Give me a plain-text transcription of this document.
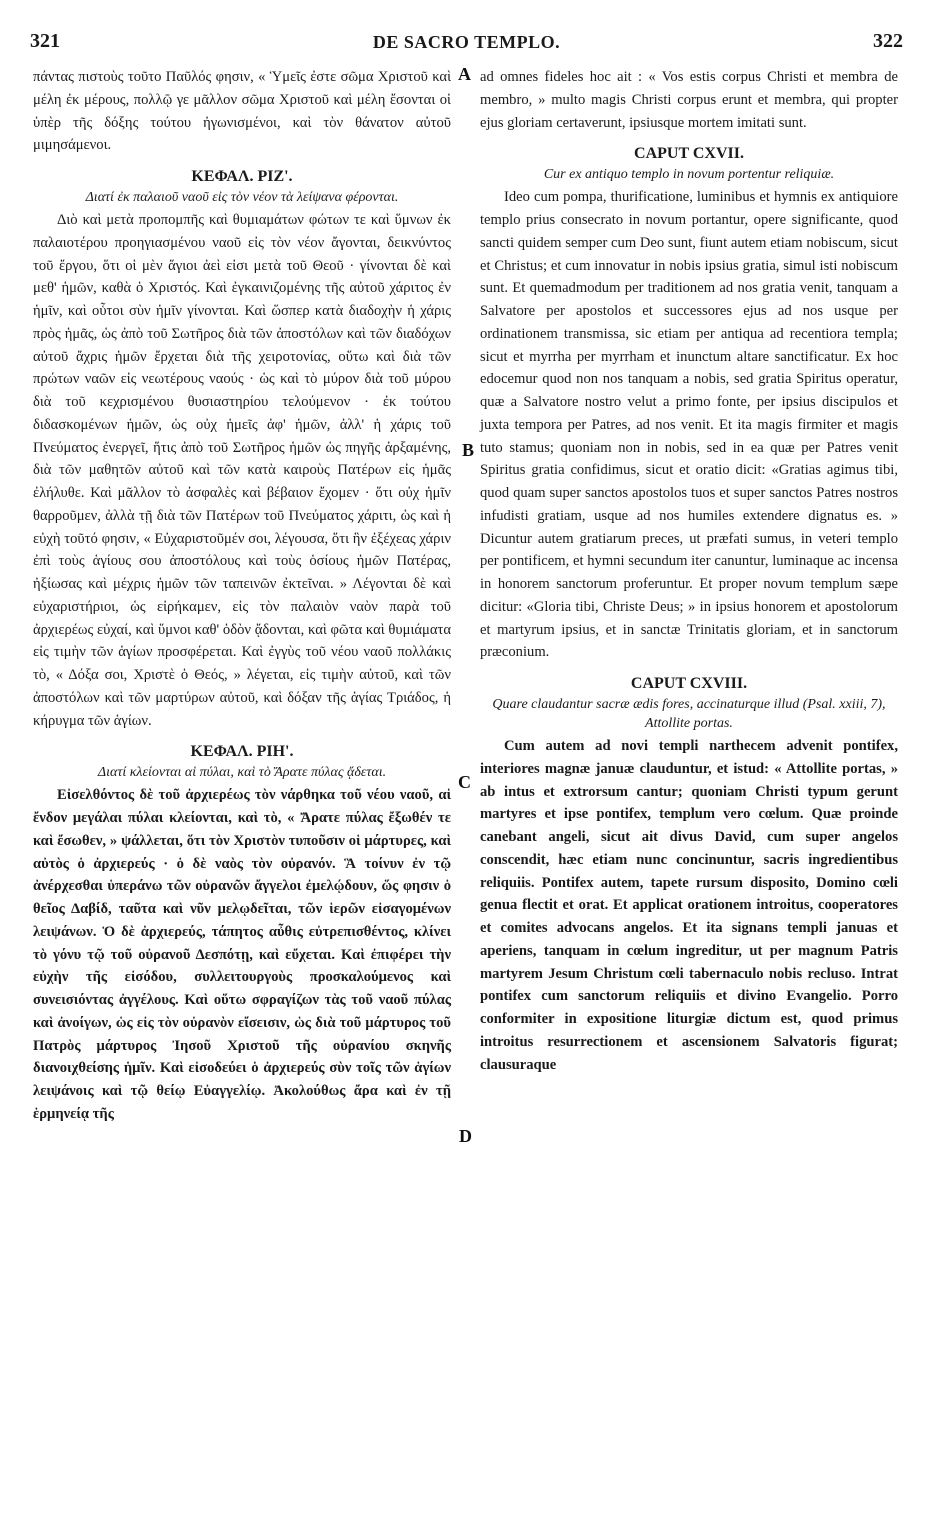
321	DE SACRO TEMPLO.	322

πάντας πιστοὺς τοῦτο Παῦλός φησιν, « Ὑμεῖς ἐστε σῶμα Χριστοῦ καὶ μέλη ἐκ μέρους, πολλῷ γε μᾶλλον σῶμα Χριστοῦ καὶ μέλη ἔσονται οἱ ὑπὲρ τῆς δόξης τούτου ἠγωνισμένοι, καὶ τὸν θάνατον αὐτοῦ μιμησάμενοι.

ΚΕΦΑΛ. ΡΙΖ'.
Διατί ἐκ παλαιοῦ ναοῦ εἰς τὸν νέον τὰ λείψανα φέρονται.

Διὸ καὶ μετὰ προπομπῆς καὶ θυμιαμάτων φώτων τε καὶ ὕμνων ἐκ παλαιοτέρου προηγιασμένου ναοῦ εἰς τὸν νέον ἄγονται, δεικνύντος τοῦ ἔργου, ὅτι οἱ μὲν ἅγιοι ἀεὶ εἰσι μετὰ τοῦ Θεοῦ · γίνονται δὲ καὶ μεθ' ἡμῶν, καθὰ ὁ Χριστός. Καὶ ἐγκαινιζομένης τῆς αὐτοῦ χάριτος ἐν ἡμῖν, καὶ οὗτοι σὺν ἡμῖν γίνονται. Καὶ ὥσπερ κατὰ διαδοχὴν ἡ χάρις πρὸς ἡμᾶς, ὡς ἀπὸ τοῦ Σωτῆρος διὰ τῶν ἀποστόλων καὶ τῶν διαδόχων αὐτοῦ ἄχρις ἡμῶν ἔρχεται διὰ τῆς χειροτονίας, οὕτω καὶ διὰ τῶν πρώτων ναῶν εἰς νεωτέρους ναούς · ὡς καὶ τὸ μύρον διὰ τοῦ μύρου διὰ τοῦ κεχρισμένου θυσιαστηρίου τελούμενον · ἐκ τούτου διδασκομένων ἡμῶν, ὡς οὐχ ἡμεῖς ἀφ' ἡμῶν, ἀλλ' ἡ χάρις τοῦ Πνεύματος ἐνεργεῖ, ἥτις ἀπὸ τοῦ Σωτῆρος ἡμῶν ὡς πηγῆς ἀρξαμένης, διὰ τῶν μαθητῶν αὐτοῦ καὶ τῶν κατὰ καιροὺς Πατέρων εἰς ἡμᾶς ἐλήλυθε. Καὶ μᾶλλον τὸ ἀσφαλὲς καὶ βέβαιον ἔχομεν · ὅτι οὐχ ἡμῖν θαρροῦμεν, ἀλλὰ τῇ διὰ τῶν Πατέρων τοῦ Πνεύματος χάριτι, ὡς καὶ ἡ εὐχὴ τοῦτό φησιν, « Εὐχαριστοῦμέν σοι, λέγουσα, ὅτι ἣν ἐξέχεας χάριν ἐπὶ τοὺς ἁγίους σου ἀποστόλους καὶ τοὺς ὁσίους ἡμῶν Πατέρας, ἠξίωσας καὶ μέχρις ἡμῶν τῶν ταπεινῶν ἐκτεῖναι. » Λέγονται δὲ καὶ εὐχαριστήριοι, ὡς εἰρήκαμεν, εἰς τὸν παλαιὸν ναὸν παρὰ τοῦ ἀρχιερέως εὐχαί, καὶ ὕμνοι καθ' ὁδὸν ᾄδονται, καὶ φῶτα καὶ θυμιάματα εἰς τιμὴν τῶν ἁγίων προσφέρεται. Καὶ ἐγγὺς τοῦ νέου ναοῦ πολλάκις τὸ, « Δόξα σοι, Χριστὲ ὁ Θεός, » λέγεται, εἰς τιμὴν αὐτοῦ, καὶ τῶν ἀποστόλων καὶ τῶν μαρτύρων αὐτοῦ, καὶ δόξαν τῆς ἁγίας Τριάδος, ἡ κήρυγμα τῶν ἁγίων.

ΚΕΦΑΛ. ΡΙΗ'.
Διατί κλείονται αἱ πύλαι, καὶ τὸ Ἄρατε πύλας ᾄδεται.

Εἰσελθόντος δὲ τοῦ ἀρχιερέως τὸν νάρθηκα τοῦ νέου ναοῦ, αἱ ἔνδον μεγάλαι πύλαι κλείονται, καὶ τὸ, « Ἄρατε πύλας ἔξωθέν τε καὶ ἔσωθεν, » ψάλλεται, ὅτι τὸν Χριστὸν τυποῦσιν οἱ μάρτυρες, καὶ αὐτὸς ὁ ἀρχιερεύς · ὁ δὲ ναὸς τὸν οὐρανόν. Ἃ τοίνυν ἐν τῷ ἀνέρχεσθαι ὑπεράνω τῶν οὐρανῶν ἄγγελοι ἐμελῴδουν, ὥς φησιν ὁ θεῖος Δαβίδ, ταῦτα καὶ νῦν μελῳδεῖται, τῶν ἱερῶν εἰσαγομένων λειψάνων. Ὁ δὲ ἀρχιερεύς, τάπητος αὖθις εὐτρεπισθέντος, κλίνει τὸ γόνυ τῷ τοῦ οὐρανοῦ Δεσπότῃ, καὶ εὔχεται. Καὶ ἐπιφέρει τὴν εὐχὴν τῆς εἰσόδου, συλλειτουργοὺς προσκαλούμενος καὶ συνεισιόντας ἀγγέλους. Καὶ οὕτω σφραγίζων τὰς τοῦ ναοῦ πύλας καὶ ἀνοίγων, ὡς εἰς τὸν οὐρανὸν εἴσεισιν, ὡς διὰ τοῦ μάρτυρος τοῦ Πατρὸς μάρτυρος Ἰησοῦ Χριστοῦ τῆς οὐρανίου σκηνῆς διανοιχθείσης ἡμῖν. Καὶ εἰσοδεύει ὁ ἀρχιερεύς σὺν τοῖς τῶν ἁγίων λειψάνοις καὶ τῷ θείῳ Εὐαγγελίῳ. Ἀκολούθως ἄρα καὶ ἐν τῇ ἑρμηνείᾳ τῆς

A
B
C
D

ad omnes fideles hoc ait : « Vos estis corpus Christi et membra de membro, » multo magis Christi corpus erunt et membra, qui propter ejus gloriam certaverunt, ipsiusque mortem imitati sunt.

CAPUT CXVII.
Cur ex antiquo templo in novum portentur reliquiæ.

Ideo cum pompa, thurificatione, luminibus et hymnis ex antiquiore templo prius consecrato in novum portantur, opere significante, quod sancti quidem semper cum Deo sunt, fiunt autem etiam nobiscum, sicut et Christus; et cum innovatur in nobis ipsius gratia, simul isti nobiscum sunt. Et quemadmodum per traditionem ad nos gratia venit, tanquam a Salvatore per apostolos et successores ejus ad nos usque per ordinationem transmissa, sic etiam per antiqua ad recentiora templa; sicut et myrrha per myrrham et inunctum altare sanctificatur. Ex hoc edocemur quod non nos tanquam a nobis, sed gratia Spiritus operatur, quæ a Salvatore nostro velut a primo fonte, per ipsius discipulos et juxta tempora per Patres, ad nos venit. Et ita magis firmiter et magis tuto stamus; quoniam non in nobis, sed in ea quæ per Patres venit Spiritus gratia confidimus, sicut et oratio dicit: «Gratias agimus tibi, quod quam super sanctos apostolos tuos et super sanctos Patres nostros infudisti gratiam, usque ad nos humiles extendere dignatus es. » Dicuntur autem gratiarum preces, ut præfati sumus, in veteri templo per pontificem, et hymni secundum iter canuntur, luminaque ac incensa in honorem sanctorum proferuntur. Et proper novum templum sæpe dicitur: «Gloria tibi, Christe Deus; » in ipsius honorem et apostolorum et martyrum ipsius, et in sanctæ Trinitatis gloriam, et in sanctorum præconium.

CAPUT CXVIII.
Quare claudantur sacræ ædis fores, accinaturque illud (Psal. xxiii, 7), Attollite portas.

Cum autem ad novi templi narthecem advenit pontifex, interiores magnæ januæ clauduntur, et istud: « Attollite portas, » ab intus et extrorsum cantur; quoniam Christi typum gerunt martyres et ipse pontifex, templum vero cœlum. Quæ proinde canebant angeli, sicut ait divus David, cum super angelos conscendit, hæc etiam nunc concinuntur, sacris ingredientibus reliquiis. Pontifex autem, tapete rursum disposito, Domino cœli genua flectit et orat. Et applicat orationem introitus, cooperatores et comites advocans angelos. Et ita signans templi januas et aperiens, tanquam in cœlum ingreditur, ut per magnum Patris martyrem Jesum Christum cœli tabernaculo nobis recluso. Intrat pontifex cum sanctorum reliquiis et divino Evangelio. Porro conformiter in expositione liturgiæ dictum est, quod primus introitus resurrectionem et ascensionem Salvatoris figurat; clausuraque
